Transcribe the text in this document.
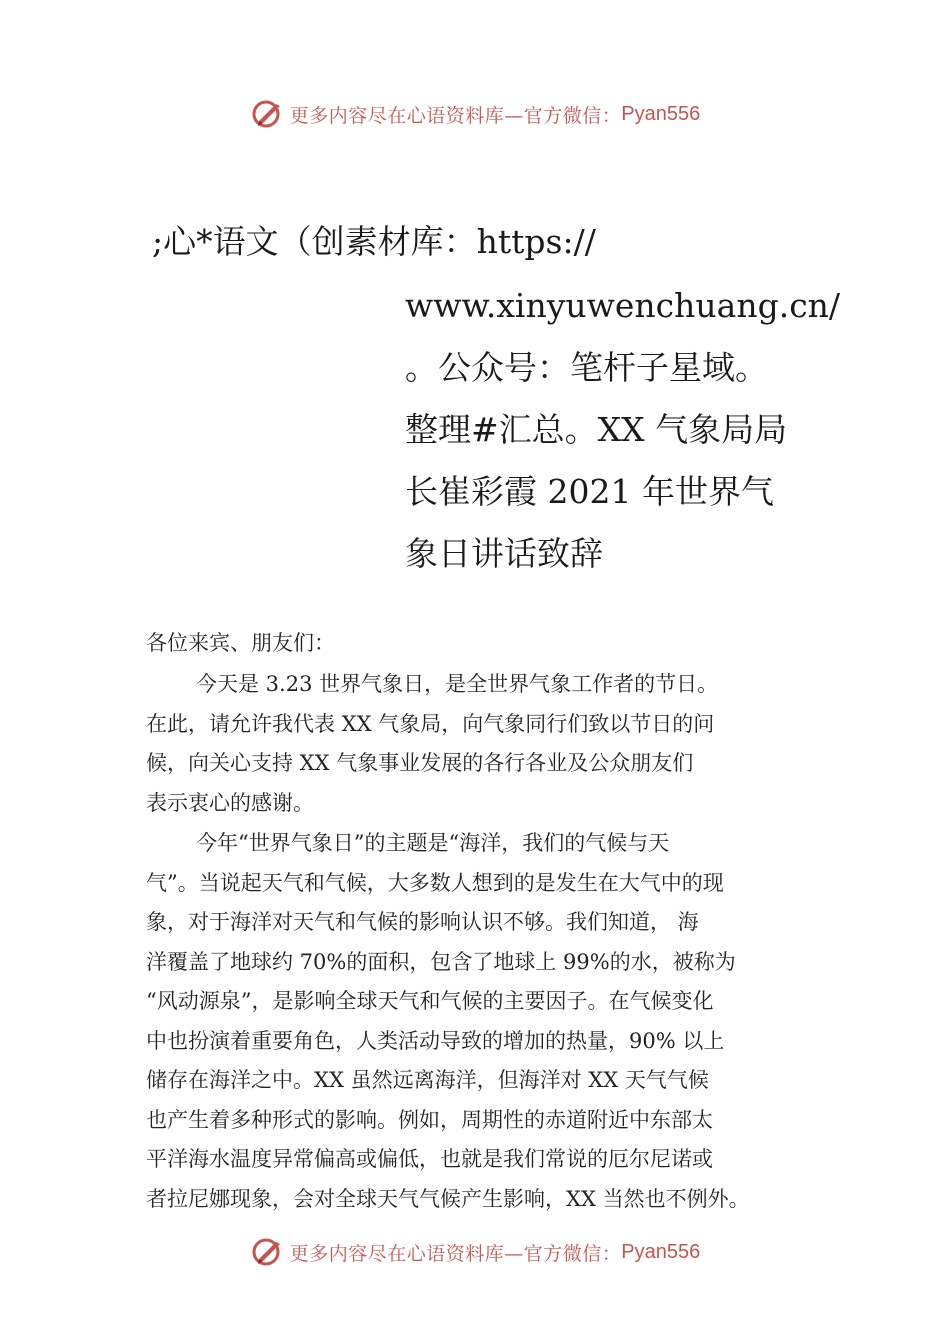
更多内容尽在心语资料库—官方微信： Pyan556
;心*语文（创素材库：https://
www.xinyuwenchuang.cn/
。公众号：笔杆子星域。
整理#汇总。XX 气象局局
长崔彩霞 2021 年世界气
象日讲话致辞
各位来宾、朋友们：
今天是 3.23 世界气象日，是全世界气象工作者的节日。
在此，请允许我代表 XX 气象局，向气象同行们致以节日的问
候，向关心支持 XX 气象事业发展的各行各业及公众朋友们
表示衷心的感谢。
今年“世界气象日”的主题是“海洋，我们的气候与天
气”。当说起天气和气候，大多数人想到的是发生在大气中的现
象，对于海洋对天气和气候的影响认识不够。我们知道， 海
洋覆盖了地球约 70%的面积，包含了地球上 99%的水，被称为
“风动源泉”，是影响全球天气和气候的主要因子。在气候变化
中也扮演着重要角色，人类活动导致的增加的热量，90% 以上
储存在海洋之中。XX 虽然远离海洋，但海洋对 XX 天气气候
也产生着多种形式的影响。例如，周期性的赤道附近中东部太
平洋海水温度异常偏高或偏低，也就是我们常说的厄尔尼诺或
者拉尼娜现象，会对全球天气气候产生影响，XX 当然也不例外。
更多内容尽在心语资料库—官方微信： Pyan556
